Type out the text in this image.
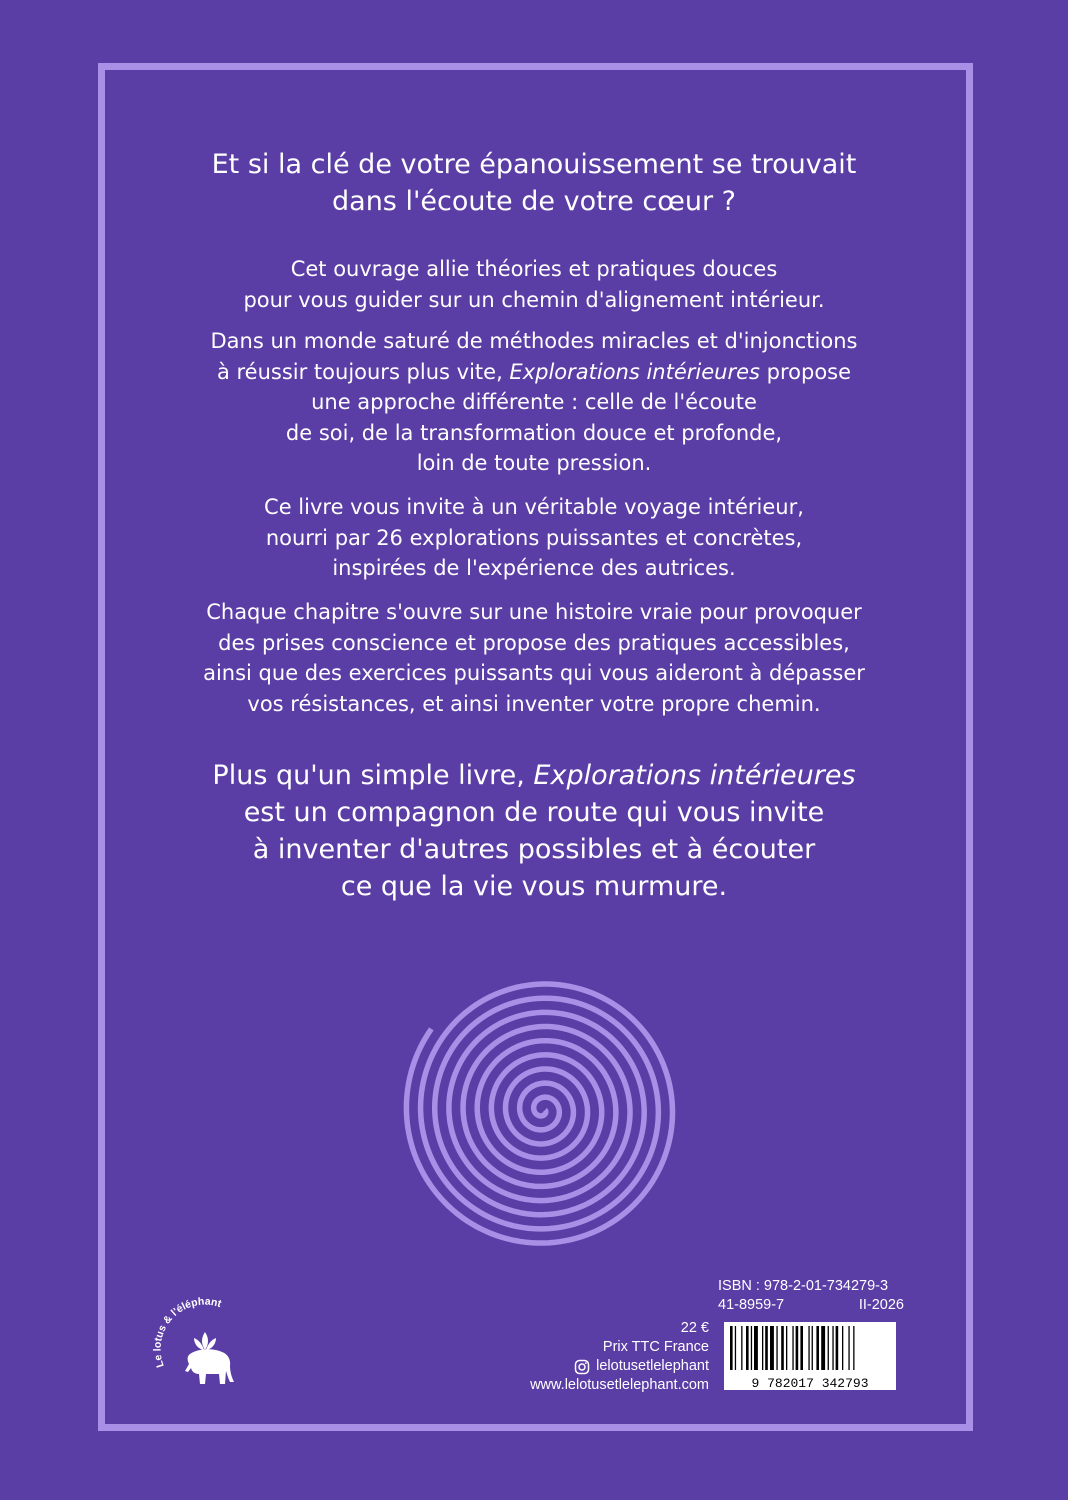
Et si la clé de votre épanouissement se trouvait
dans l'écoute de votre cœur ?

Cet ouvrage allie théories et pratiques douces
pour vous guider sur un chemin d'alignement intérieur.

Dans un monde saturé de méthodes miracles et d'injonctions
à réussir toujours plus vite, Explorations intérieures propose
une approche différente : celle de l'écoute
de soi, de la transformation douce et profonde,
loin de toute pression.

Ce livre vous invite à un véritable voyage intérieur,
nourri par 26 explorations puissantes et concrètes,
inspirées de l'expérience des autrices.

Chaque chapitre s'ouvre sur une histoire vraie pour provoquer
des prises conscience et propose des pratiques accessibles,
ainsi que des exercices puissants qui vous aideront à dépasser
vos résistances, et ainsi inventer votre propre chemin.

Plus qu'un simple livre, Explorations intérieures
est un compagnon de route qui vous invite
à inventer d'autres possibles et à écouter
ce que la vie vous murmure.

Le lotus & l'éléphant
22 €
Prix TTC France
lelotusetlelephant
www.lelotusetlelephant.com
ISBN : 978-2-01-734279-3
41-8959-7	II-2026
9 782017 342793
